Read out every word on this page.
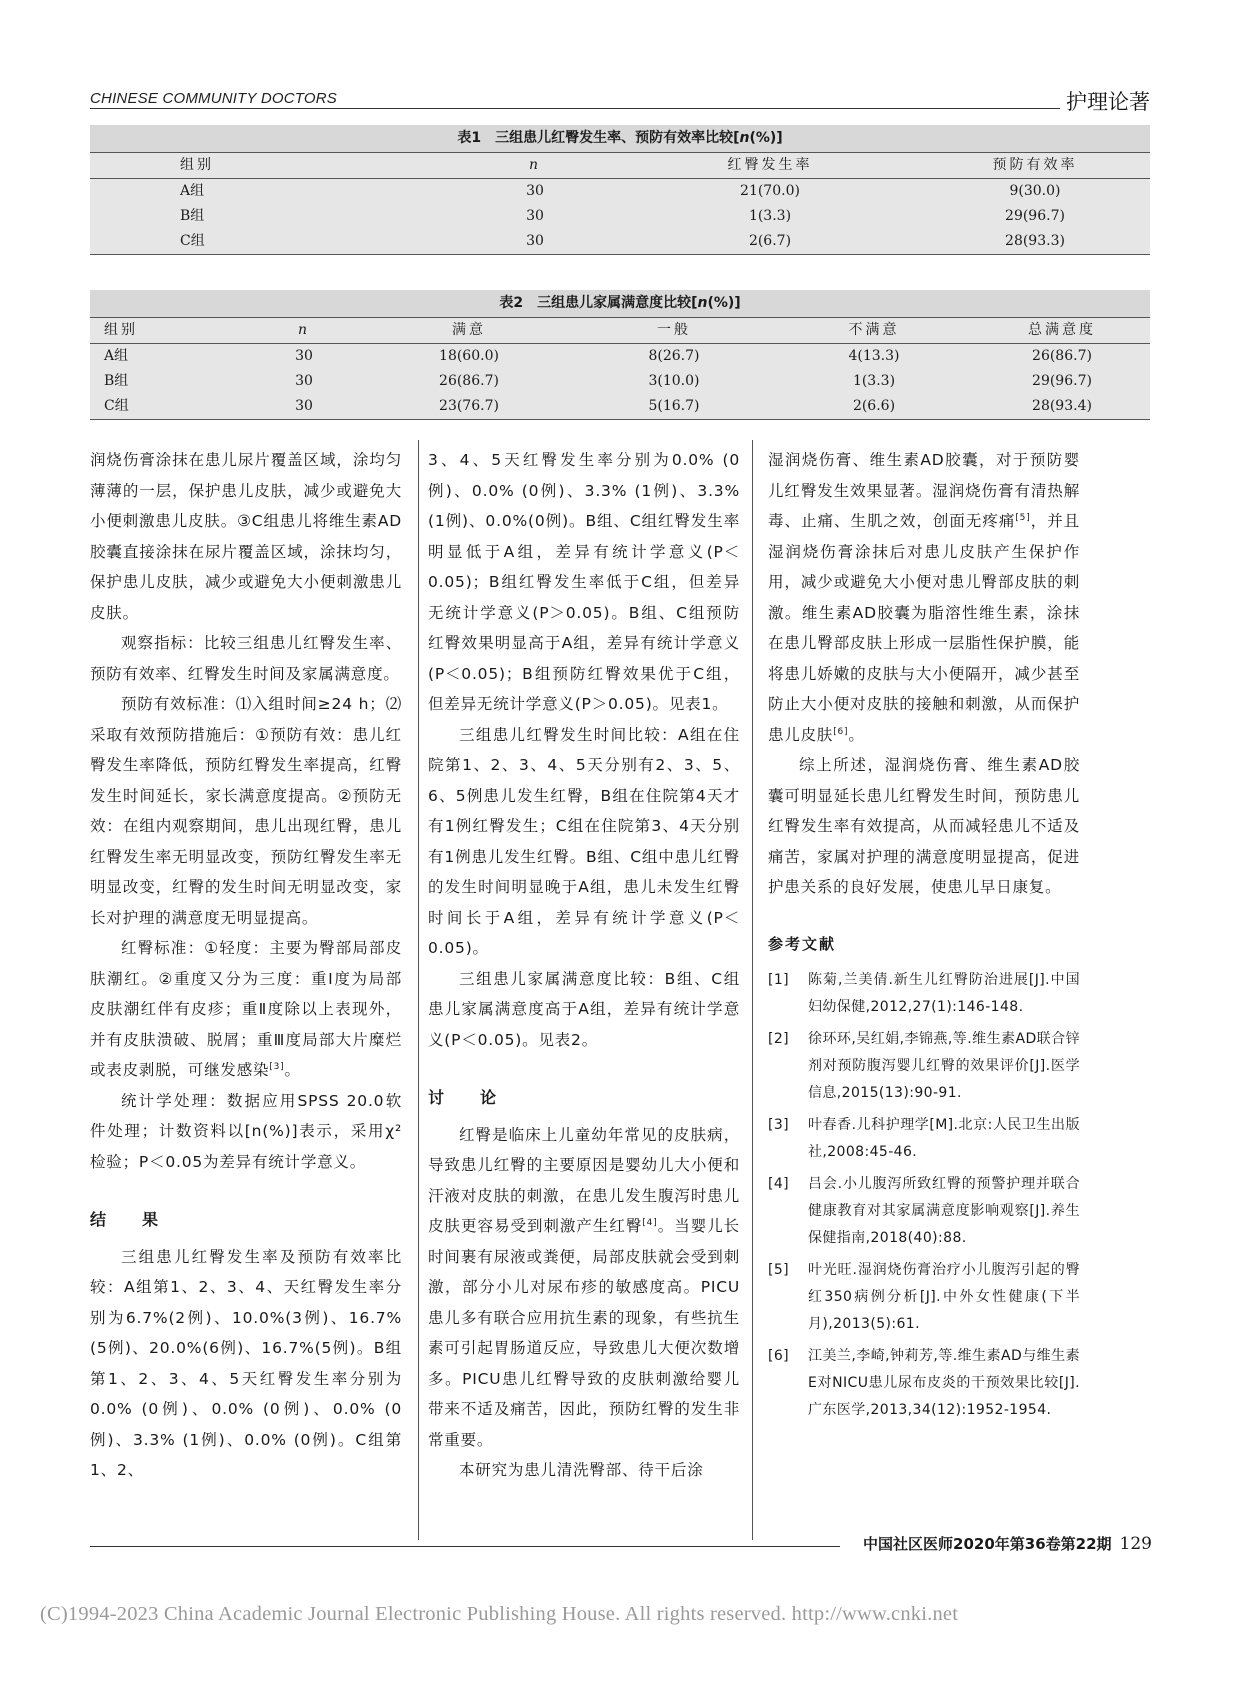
CHINESE COMMUNITY DOCTORS	护理论著
表1　三组患儿红臀发生率、预防有效率比较[n(%)]
组别	n	红臀发生率	预防有效率
A组	30	21(70.0)	9(30.0)
B组	30	1(3.3)	29(96.7)
C组	30	2(6.7)	28(93.3)
表2　三组患儿家属满意度比较[n(%)]
组别	n	满意	一般	不满意	总满意度
A组	30	18(60.0)	8(26.7)	4(13.3)	26(86.7)
B组	30	26(86.7)	3(10.0)	1(3.3)	29(96.7)
C组	30	23(76.7)	5(16.7)	2(6.6)	28(93.4)

润烧伤膏涂抹在患儿尿片覆盖区域，涂均匀薄薄的一层，保护患儿皮肤，减少或避免大小便刺激患儿皮肤。③C组患儿将维生素AD胶囊直接涂抹在尿片覆盖区域，涂抹均匀，保护患儿皮肤，减少或避免大小便刺激患儿皮肤。

观察指标：比较三组患儿红臀发生率、预防有效率、红臀发生时间及家属满意度。

预防有效标准：⑴入组时间≥24 h；⑵采取有效预防措施后：①预防有效：患儿红臀发生率降低，预防红臀发生率提高，红臀发生时间延长，家长满意度提高。②预防无效：在组内观察期间，患儿出现红臀，患儿红臀发生率无明显改变，预防红臀发生率无明显改变，红臀的发生时间无明显改变，家长对护理的满意度无明显提高。

红臀标准：①轻度：主要为臀部局部皮肤潮红。②重度又分为三度：重Ⅰ度为局部皮肤潮红伴有皮疹；重Ⅱ度除以上表现外，并有皮肤溃破、脱屑；重Ⅲ度局部大片糜烂或表皮剥脱，可继发感染[3]。

统计学处理：数据应用SPSS 20.0软件处理；计数资料以[n(%)]表示，采用χ² 检验；P＜0.05为差异有统计学意义。

结　果

三组患儿红臀发生率及预防有效率比较：A组第1、2、3、4、天红臀发生率分别为6.7%(2例)、10.0%(3例)、16.7%(5例)、20.0%(6例)、16.7%(5例)。B组第1、2、3、4、5天红臀发生率分别为0.0% (0例)、0.0% (0例)、0.0% (0例)、3.3% (1例)、0.0% (0例)。C组第1、2、

3、4、5天红臀发生率分别为0.0% (0例)、0.0% (0例)、3.3% (1例)、3.3% (1例)、0.0%(0例)。B组、C组红臀发生率明显低于A组，差异有统计学意义(P＜0.05)；B组红臀发生率低于C组，但差异无统计学意义(P＞0.05)。B组、C组预防红臀效果明显高于A组，差异有统计学意义(P＜0.05)；B组预防红臀效果优于C组，但差异无统计学意义(P＞0.05)。见表1。

三组患儿红臀发生时间比较：A组在住院第1、2、3、4、5天分别有2、3、5、6、5例患儿发生红臀，B组在住院第4天才有1例红臀发生；C组在住院第3、4天分别有1例患儿发生红臀。B组、C组中患儿红臀的发生时间明显晚于A组，患儿未发生红臀时间长于A组，差异有统计学意义(P＜0.05)。

三组患儿家属满意度比较：B组、C组患儿家属满意度高于A组，差异有统计学意义(P＜0.05)。见表2。

讨　论

红臀是临床上儿童幼年常见的皮肤病，导致患儿红臀的主要原因是婴幼儿大小便和汗液对皮肤的刺激，在患儿发生腹泻时患儿皮肤更容易受到刺激产生红臀[4]。当婴儿长时间裹有尿液或粪便，局部皮肤就会受到刺激，部分小儿对尿布疹的敏感度高。PICU患儿多有联合应用抗生素的现象，有些抗生素可引起胃肠道反应，导致患儿大便次数增多。PICU患儿红臀导致的皮肤刺激给婴儿带来不适及痛苦，因此，预防红臀的发生非常重要。

本研究为患儿清洗臀部、待干后涂

湿润烧伤膏、维生素AD胶囊，对于预防婴儿红臀发生效果显著。湿润烧伤膏有清热解毒、止痛、生肌之效，创面无疼痛[5]，并且湿润烧伤膏涂抹后对患儿皮肤产生保护作用，减少或避免大小便对患儿臀部皮肤的刺激。维生素AD胶囊为脂溶性维生素，涂抹在患儿臀部皮肤上形成一层脂性保护膜，能将患儿娇嫩的皮肤与大小便隔开，减少甚至防止大小便对皮肤的接触和刺激，从而保护患儿皮肤[6]。

综上所述，湿润烧伤膏、维生素AD胶囊可明显延长患儿红臀发生时间，预防患儿红臀发生率有效提高，从而减轻患儿不适及痛苦，家属对护理的满意度明显提高，促进护患关系的良好发展，使患儿早日康复。

参考文献
[1]	陈菊,兰美倩.新生儿红臀防治进展[J].中国妇幼保健,2012,27(1):146-148.
[2]	徐环环,吴红娟,李锦燕,等.维生素AD联合锌剂对预防腹泻婴儿红臀的效果评价[J].医学信息,2015(13):90-91.
[3]	叶春香.儿科护理学[M].北京:人民卫生出版社,2008:45-46.
[4]	吕会.小儿腹泻所致红臀的预警护理并联合健康教育对其家属满意度影响观察[J].养生保健指南,2018(40):88.
[5]	叶光旺.湿润烧伤膏治疗小儿腹泻引起的臀红350病例分析[J].中外女性健康(下半月),2013(5):61.
[6]	江美兰,李崎,钟莉芳,等.维生素AD与维生素E对NICU患儿尿布皮炎的干预效果比较[J].广东医学,2013,34(12):1952-1954.
中国社区医师2020年第36卷第22期 129
(C)1994-2023 China Academic Journal Electronic Publishing House. All rights reserved. http://www.cnki.net
